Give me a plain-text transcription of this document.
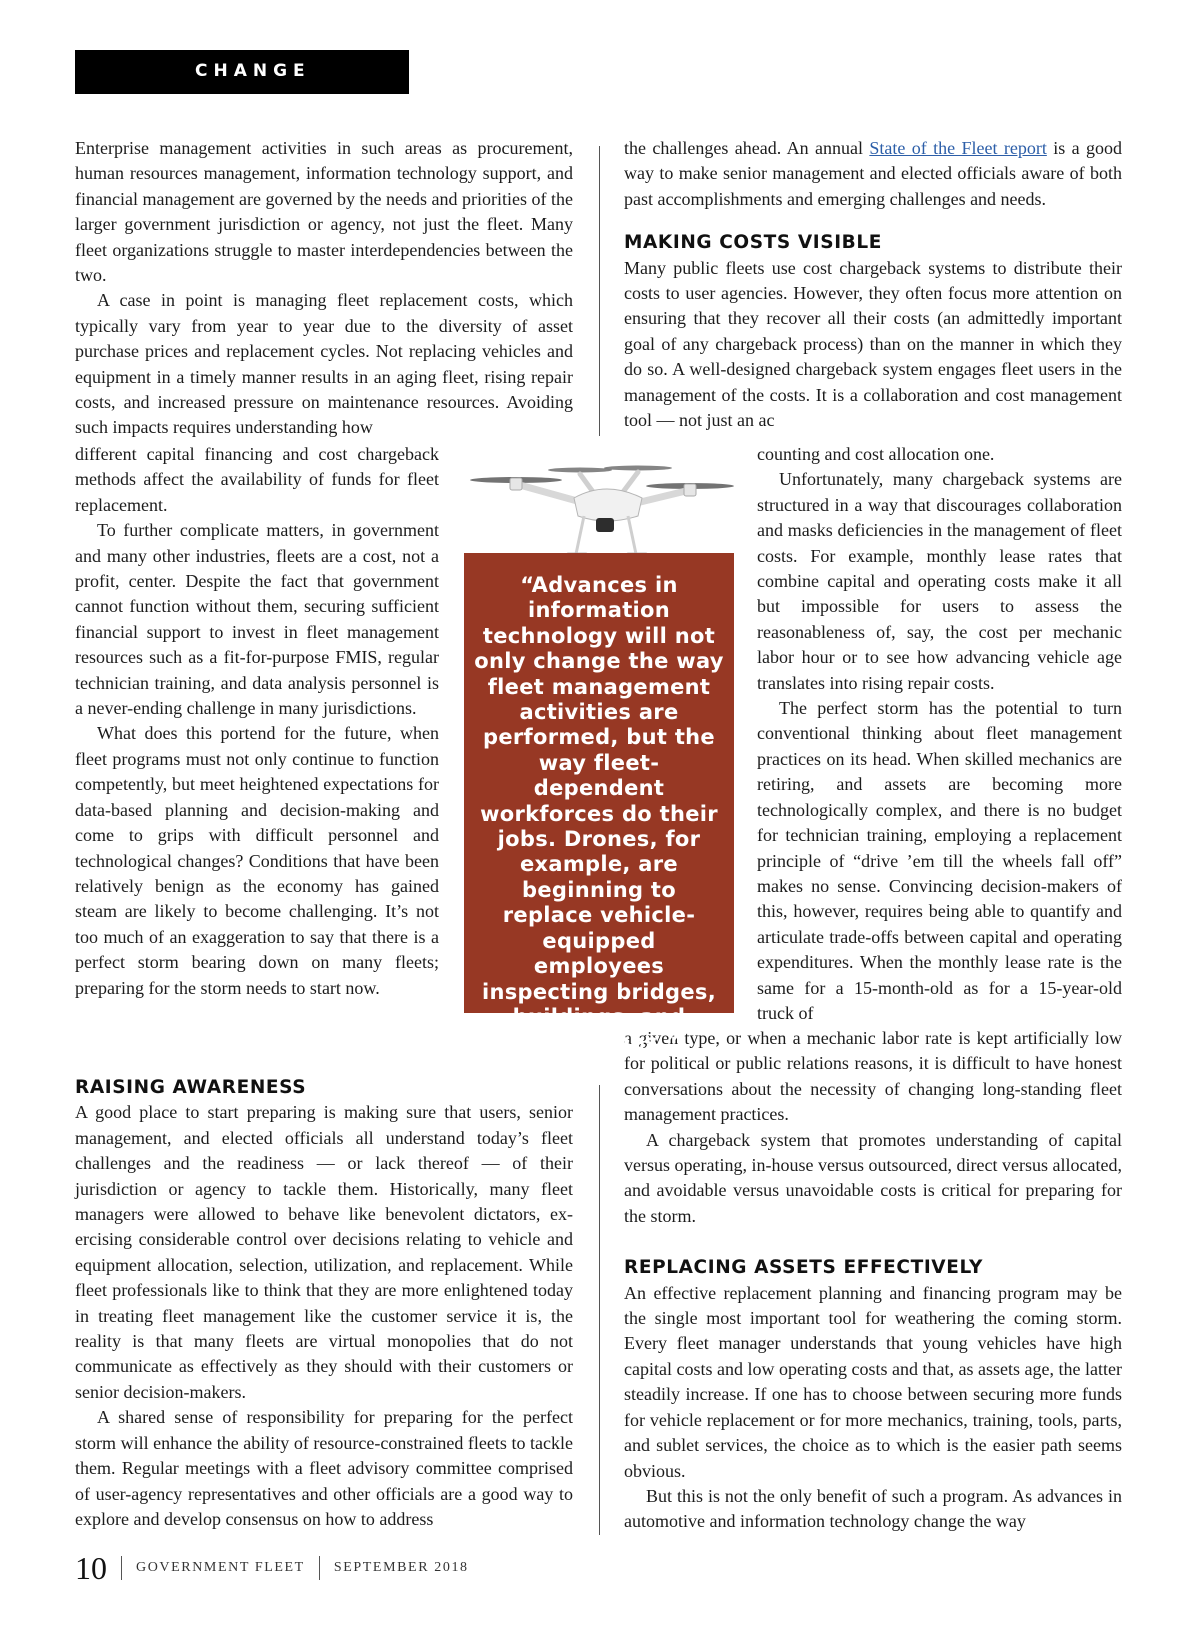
CHANGE

Enterprise management activities in such areas as procurement, human resources management, information technology support, and financial management are governed by the needs and priorities of the larger government jurisdiction or agency, not just the fleet. Many fleet organizations struggle to master interdependencies between the two.

A case in point is managing fleet replacement costs, which typically vary from year to year due to the diversity of asset purchase prices and replacement cycles. Not replacing vehicles and equipment in a timely manner results in an aging fleet, rising repair costs, and increased pressure on maintenance resources. Avoiding such impacts requires understanding how

different capital financing and cost chargeback methods affect the availability of funds for fleet replacement.

To further complicate matters, in government and many other industries, fleets are a cost, not a profit, center. Despite the fact that government cannot function without them, securing sufficient financial support to invest in fleet management resources such as a fit-for-purpose FMIS, regular technician training, and data analysis personnel is a never-ending challenge in many jurisdictions.

What does this portend for the future, when fleet programs must not only continue to function competently, but meet heightened expectations for data-based planning and decision-making and come to grips with difficult personnel and technological changes? Conditions that have been relatively benign as the economy has gained steam are likely to become challenging. It’s not too much of an exaggeration to say that there is a perfect storm bearing down on many fleets; preparing for the storm needs to start now.

RAISING AWARENESS

A good place to start preparing is making sure that users, senior management, and elected officials all understand today’s fleet challenges and the readiness — or lack thereof — of their jurisdiction or agency to tackle them. Historically, many fleet managers were allowed to behave like benevolent dictators, exercising considerable control over decisions relating to vehicle and equipment allocation, selection, utilization, and replacement. While fleet professionals like to think that they are more enlightened today in treating fleet management like the customer service it is, the reality is that many fleets are virtual monopolies that do not communicate as effectively as they should with their customers or senior decision-makers.

A shared sense of responsibility for preparing for the perfect storm will enhance the ability of resource-constrained fleets to tackle them. Regular meetings with a fleet advisory committee comprised of user-agency representatives and other officials are a good way to explore and develop consensus on how to address

the challenges ahead. An annual State of the Fleet report is a good way to make senior management and elected officials aware of both past accomplishments and emerging challenges and needs.

MAKING COSTS VISIBLE

Many public fleets use cost chargeback systems to distribute their costs to user agencies. However, they often focus more attention on ensuring that they recover all their costs (an admittedly important goal of any chargeback process) than on the manner in which they do so. A well-designed chargeback system engages fleet users in the management of the costs. It is a collaboration and cost management tool — not just an ac

counting and cost allocation one.

Unfortunately, many chargeback systems are structured in a way that discourages collaboration and masks deficiencies in the management of fleet costs. For example, monthly lease rates that combine capital and operating costs make it all but impossible for users to assess the reasonableness of, say, the cost per mechanic labor hour or to see how advancing vehicle age translates into rising repair costs.

The perfect storm has the potential to turn conventional thinking about fleet management practices on its head. When skilled mechanics are retiring, and assets are becoming more technologically complex, and there is no budget for technician training, employing a replacement principle of “drive ’em till the wheels fall off” makes no sense. Convincing decision-makers of this, however, requires being able to quantify and articulate trade-offs between capital and operating expenditures. When the monthly lease rate is the same for a 15-month-old as for a 15-year-old truck of

a given type, or when a mechanic labor rate is kept artificially low for political or public relations reasons, it is difficult to have honest conversations about the necessity of changing long-standing fleet management practices.

A chargeback system that promotes understanding of capital versus operating, in-house versus outsourced, direct versus allocated, and avoidable versus unavoidable costs is critical for preparing for the storm.

REPLACING ASSETS EFFECTIVELY

An effective replacement planning and financing program may be the single most important tool for weathering the coming storm. Every fleet manager understands that young vehicles have high capital costs and low operating costs and that, as assets age, the latter steadily increase. If one has to choose between securing more funds for vehicle replacement or for more mechanics, training, tools, parts, and sublet services, the choice as to which is the easier path seems obvious.

But this is not the only benefit of such a program. As advances in automotive and information technology change the way

“Advances in information technology will not only change the way fleet management activities are performed, but the way fleet-dependent workforces do their jobs. Drones, for example, are beginning to replace vehicle-equipped employees inspecting bridges, buildings, and power lines.”

10 GOVERNMENT FLEET SEPTEMBER 2018
